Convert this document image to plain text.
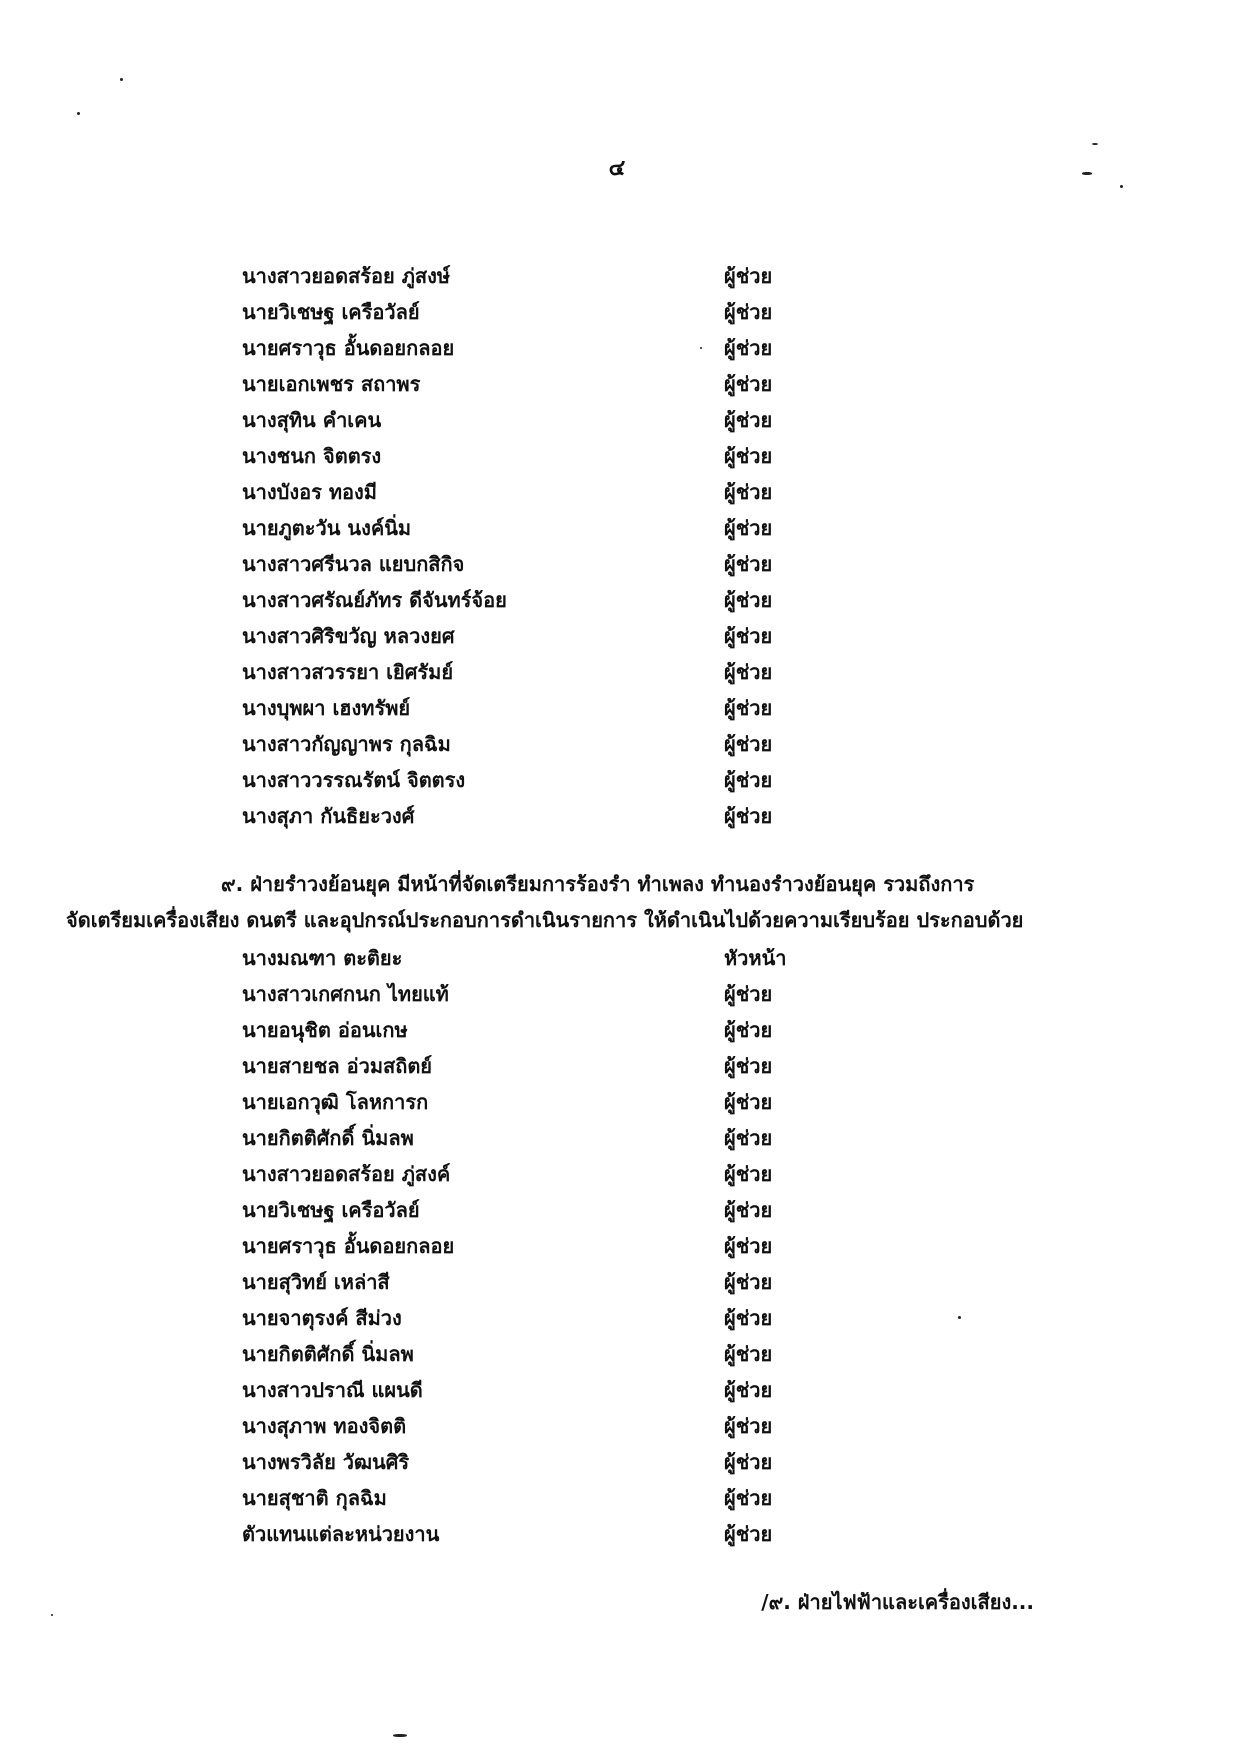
๔
นางสาวยอดสร้อย ภู่สงษ์	ผู้ช่วย
นายวิเชษฐ เครือวัลย์	ผู้ช่วย
นายศราวุธ อั้นดอยกลอย	ผู้ช่วย
นายเอกเพชร สถาพร	ผู้ช่วย
นางสุทิน คำเคน	ผู้ช่วย
นางชนก จิตตรง	ผู้ช่วย
นางบังอร ทองมี	ผู้ช่วย
นายภูตะวัน นงค์นิ่ม	ผู้ช่วย
นางสาวศรีนวล แยบกสิกิจ	ผู้ช่วย
นางสาวศรัณย์ภัทร ดีจันทร์จ้อย	ผู้ช่วย
นางสาวศิริขวัญ หลวงยศ	ผู้ช่วย
นางสาวสวรรยา เยิศรัมย์	ผู้ช่วย
นางบุพผา เฮงทรัพย์	ผู้ช่วย
นางสาวกัญญาพร กุลฉิม	ผู้ช่วย
นางสาววรรณรัตน์ จิตตรง	ผู้ช่วย
นางสุภา กันธิยะวงศ์	ผู้ช่วย
๙. ฝ่ายรำวงย้อนยุค มีหน้าที่จัดเตรียมการร้องรำ ทำเพลง ทำนองรำวงย้อนยุค รวมถึงการ
จัดเตรียมเครื่องเสียง ดนตรี และอุปกรณ์ประกอบการดำเนินรายการ ให้ดำเนินไปด้วยความเรียบร้อย ประกอบด้วย
นางมณฑา ตะติยะ	หัวหน้า
นางสาวเกศกนก ไทยแท้	ผู้ช่วย
นายอนุชิต อ่อนเกษ	ผู้ช่วย
นายสายชล อ่วมสถิตย์	ผู้ช่วย
นายเอกวุฒิ โลหการก	ผู้ช่วย
นายกิตติศักดิ์ นิ่มลพ	ผู้ช่วย
นางสาวยอดสร้อย ภู่สงค์	ผู้ช่วย
นายวิเชษฐ เครือวัลย์	ผู้ช่วย
นายศราวุธ อั้นดอยกลอย	ผู้ช่วย
นายสุวิทย์ เหล่าสี	ผู้ช่วย
นายจาตุรงค์ สีม่วง	ผู้ช่วย
นายกิตติศักดิ์ นิ่มลพ	ผู้ช่วย
นางสาวปราณี แผนดี	ผู้ช่วย
นางสุภาพ ทองจิตติ	ผู้ช่วย
นางพรวิลัย วัฒนศิริ	ผู้ช่วย
นายสุชาติ กุลฉิม	ผู้ช่วย
ตัวแทนแต่ละหน่วยงาน	ผู้ช่วย
/๙. ฝ่ายไฟฟ้าและเครื่องเสียง...
